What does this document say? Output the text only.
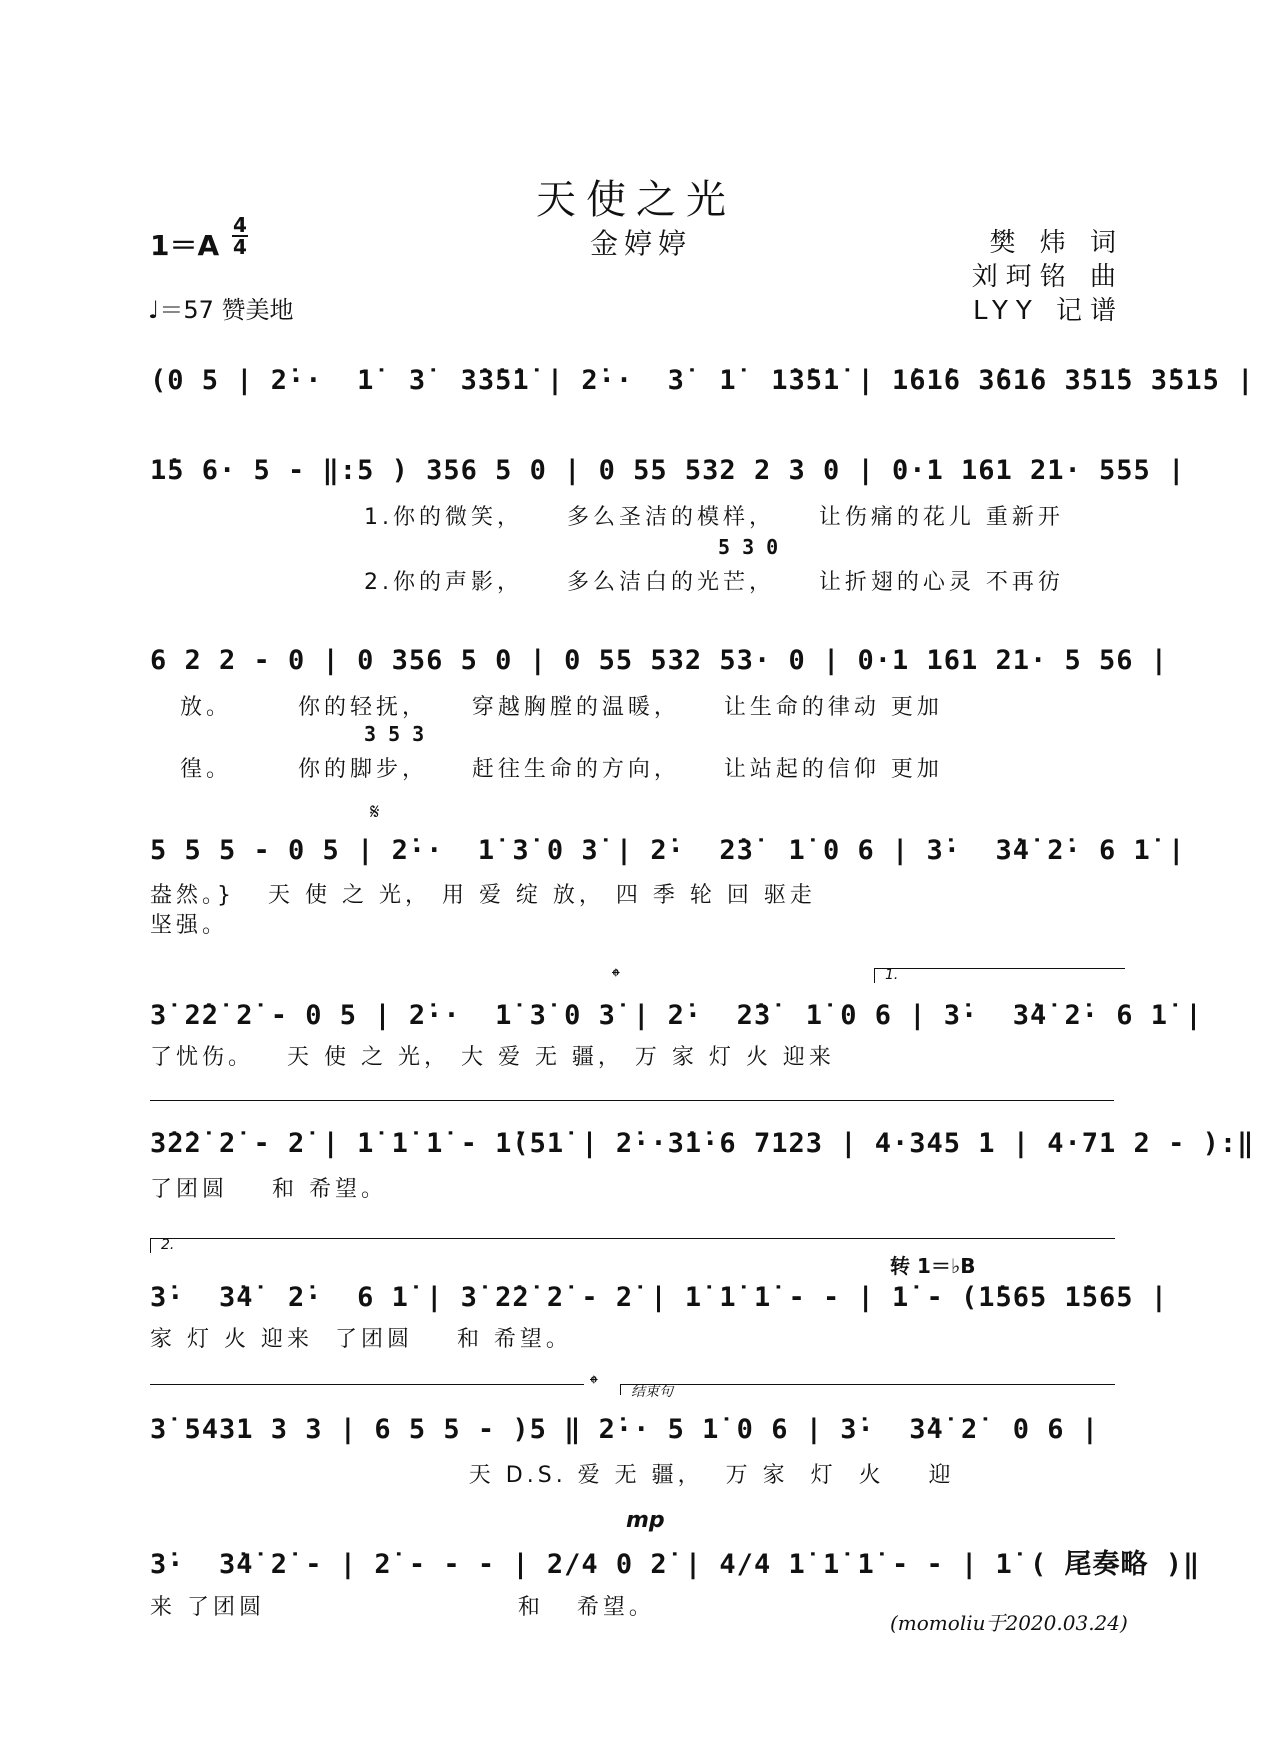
天使之光
1＝A
4
4	金婷婷
♩＝57 赞美地
樊 炜 词
刘珂铭 曲
LYY 记谱
(0 5 | 2̇··  1̇  3̇  3̇3̇5̇1̇ | 2̇··  3̇  1̇  1̇3̇5̇1̇ | 1̇61̇6 3̇61̇6 3̇51̇5 3̇51̇5 |
1̇5 6· 5 - ‖:5 ) 356 5 0 | 0 55 532 2 3 0 | 0·1 161 21· 555 |
1.你的微笑，    多么圣洁的模样，    让伤痛的花儿 重新开
5 3 0
2.你的声影，    多么洁白的光芒，    让折翅的心灵 不再彷
6 2 2 - 0 | 0 356 5 0 | 0 55 532 53· 0 | 0·1 161 21· 5 56 |
放。      你的轻抚，    穿越胸膛的温暖，    让生命的律动 更加
3 5 3
徨。      你的脚步，    赶往生命的方向，    让站起的信仰 更加
𝄋
5 5 5 - 0 5 | 2̇··  1̇ 3̇ 0 3̇ | 2̇·  2̇3̇  1̇ 0 6 | 3̇·  3̇4̇ 2̇· 6 1̇ |
盎然。}   天 使 之 光， 用 爱 绽 放， 四 季 轮 回 驱走
坚强。
𝄌	1.
3̇ 2̇2̇ 2̇ - 0 5 | 2̇··  1̇ 3̇ 0 3̇ | 2̇·  2̇3̇  1̇ 0 6 | 3̇·  3̇4̇ 2̇· 6 1̇ |
了忧伤。   天 使 之 光， 大 爱 无 疆， 万 家 灯 火 迎来
3̇2̇2̇ 2̇ - 2̇ | 1̇ 1̇ 1̇ - 1̇(51̇ | 2̇··3̇1̇·6 7123 | 4·345 1 | 4·71 2 - ):‖
了团圆    和 希望。
2.
转 1＝♭B
3̇·  3̇4̇  2̇·  6 1̇ | 3̇ 2̇2̇ 2̇ - 2̇ | 1̇ 1̇ 1̇ - - | 1̇ - (1̇565 1̇565 |
家 灯 火 迎来  了团圆    和 希望。
𝄌 结束句
3̇ 5431 3 3 | 6 5 5 - )5 ‖ 2̇·· 5 1̇ 0 6 | 3̇·  3̇4̇ 2̇  0 6 |
天 D.S. 爱 无 疆，  万 家  灯  火    迎
mp
3̇·  3̇4̇ 2̇ - | 2̇ - - - | 2/4 0 2̇ | 4/4 1̇ 1̇ 1̇ - - | 1̇ ( 尾奏略 )‖
来 了团圆                       和   希望。
(momoliu于2020.03.24)
